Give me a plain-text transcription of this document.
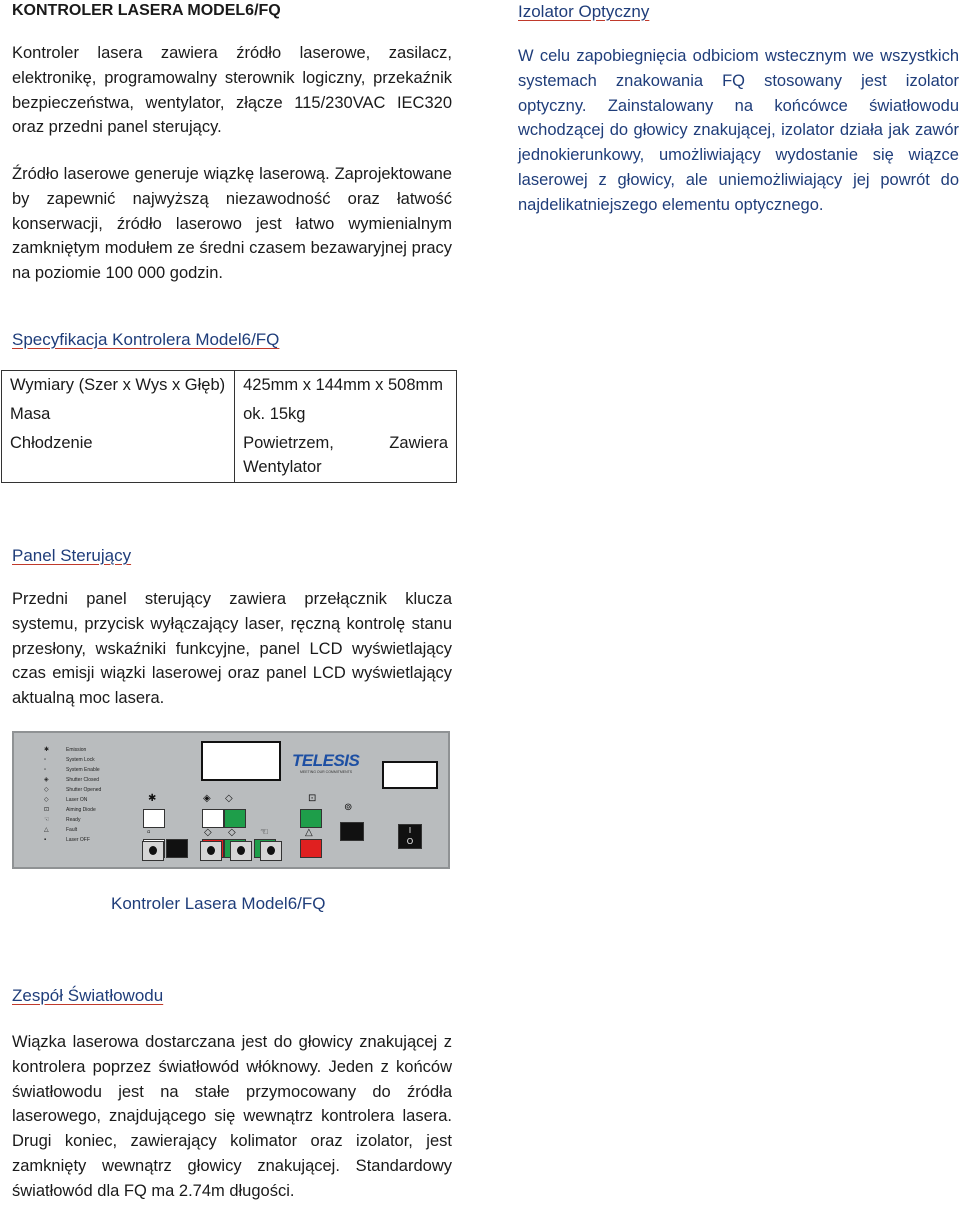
KONTROLER LASERA MODEL6/FQ
Kontroler lasera zawiera źródło laserowe, zasilacz, elektronikę, programowalny sterownik logiczny, przekaźnik bezpieczeństwa, wentylator, złącze 115/230VAC IEC320 oraz przedni panel sterujący.
Źródło laserowe generuje wiązkę laserową. Zaprojektowane by zapewnić najwyższą niezawodność oraz łatwość konserwacji, źródło laserowo jest łatwo wymienialnym zamkniętym modułem ze średni czasem bezawaryjnej pracy na poziomie 100 000 godzin.
Specyfikacja Kontrolera Model6/FQ
Wymiary (Szer x Wys x Głęb)	425mm x 144mm x 508mm
Masa	ok. 15kg
Chłodzenie	Powietrzem, Zawiera Wentylator
Panel Sterujący
Przedni panel sterujący zawiera przełącznik klucza systemu, przycisk wyłączający laser, ręczną kontrolę stanu przesłony, wskaźniki funkcyjne, panel LCD wyświetlający czas emisji wiązki laserowej oraz panel LCD wyświetlający aktualną moc lasera.
✱	Emission
▫	System Lock
▫	System Enable
◈	Shutter Closed
◇	Shutter Opened
◇	Laser ON
⊡	Aiming Diode
☜	Ready
△	Fault
▪	Laser OFF
TELESIS
MEETING OUR COMMITMENTS
✱	◈ ◇	⊡
⊚
▫	◇ ◇ ☜	△	I
O
Kontroler Lasera Model6/FQ
Zespół Światłowodu
Wiązka laserowa dostarczana jest do głowicy znakującej z kontrolera poprzez światłowód włóknowy. Jeden z końców światłowodu jest na stałe przymocowany do źródła laserowego, znajdującego się wewnątrz kontrolera lasera. Drugi koniec, zawierający kolimator oraz izolator, jest zamknięty wewnątrz głowicy znakującej. Standardowy światłowód dla FQ ma 2.74m długości.
Izolator Optyczny
W celu zapobiegnięcia odbiciom wstecznym we wszystkich systemach znakowania FQ stosowany jest izolator optyczny. Zainstalowany na końcówce światłowodu wchodzącej do głowicy znakującej, izolator działa jak zawór jednokierunkowy, umożliwiający wydostanie się wiązce laserowej z głowicy, ale uniemożliwiający jej powrót do najdelikatniejszego elementu optycznego.
